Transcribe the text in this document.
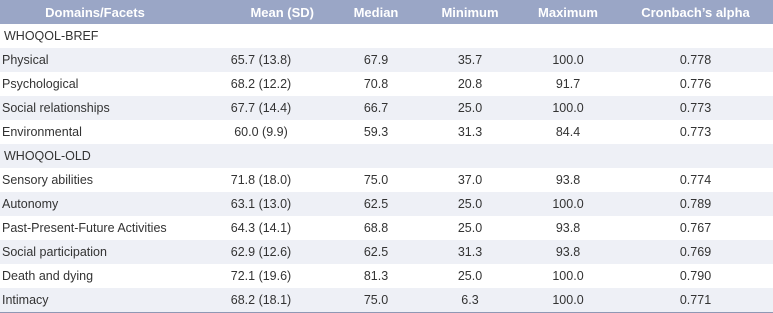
Domains/Facets	Mean (SD)	Median	Minimum	Maximum	Cronbach’s alpha
WHOQOL-BREF					
Physical	65.7 (13.8)	67.9	35.7	100.0	0.778
Psychological	68.2 (12.2)	70.8	20.8	91.7	0.776
Social relationships	67.7 (14.4)	66.7	25.0	100.0	0.773
Environmental	60.0 (9.9)	59.3	31.3	84.4	0.773
WHOQOL-OLD					
Sensory abilities	71.8 (18.0)	75.0	37.0	93.8	0.774
Autonomy	63.1 (13.0)	62.5	25.0	100.0	0.789
Past-Present-Future Activities	64.3 (14.1)	68.8	25.0	93.8	0.767
Social participation	62.9 (12.6)	62.5	31.3	93.8	0.769
Death and dying	72.1 (19.6)	81.3	25.0	100.0	0.790
Intimacy	68.2 (18.1)	75.0	6.3	100.0	0.771
